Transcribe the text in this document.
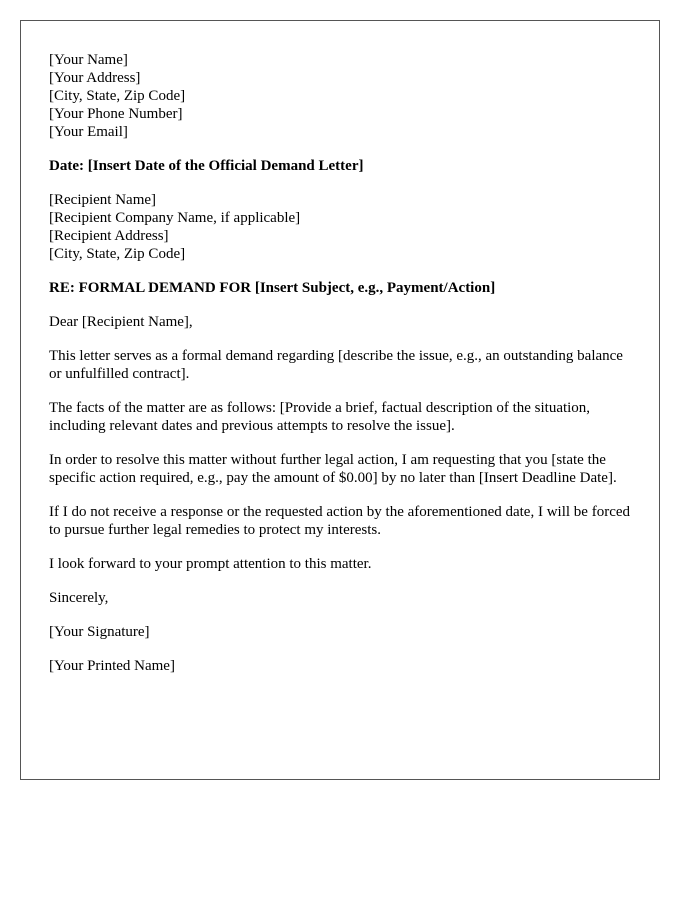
[Your Name]
[Your Address]
[City, State, Zip Code]
[Your Phone Number]
[Your Email]

Date: [Insert Date of the Official Demand Letter]

[Recipient Name]
[Recipient Company Name, if applicable]
[Recipient Address]
[City, State, Zip Code]

RE: FORMAL DEMAND FOR [Insert Subject, e.g., Payment/Action]

Dear [Recipient Name],

This letter serves as a formal demand regarding [describe the issue, e.g., an outstanding balance or unfulfilled contract].

The facts of the matter are as follows: [Provide a brief, factual description of the situation, including relevant dates and previous attempts to resolve the issue].

In order to resolve this matter without further legal action, I am requesting that you [state the specific action required, e.g., pay the amount of $0.00] by no later than [Insert Deadline Date].

If I do not receive a response or the requested action by the aforementioned date, I will be forced to pursue further legal remedies to protect my interests.

I look forward to your prompt attention to this matter.

Sincerely,

[Your Signature]

[Your Printed Name]
